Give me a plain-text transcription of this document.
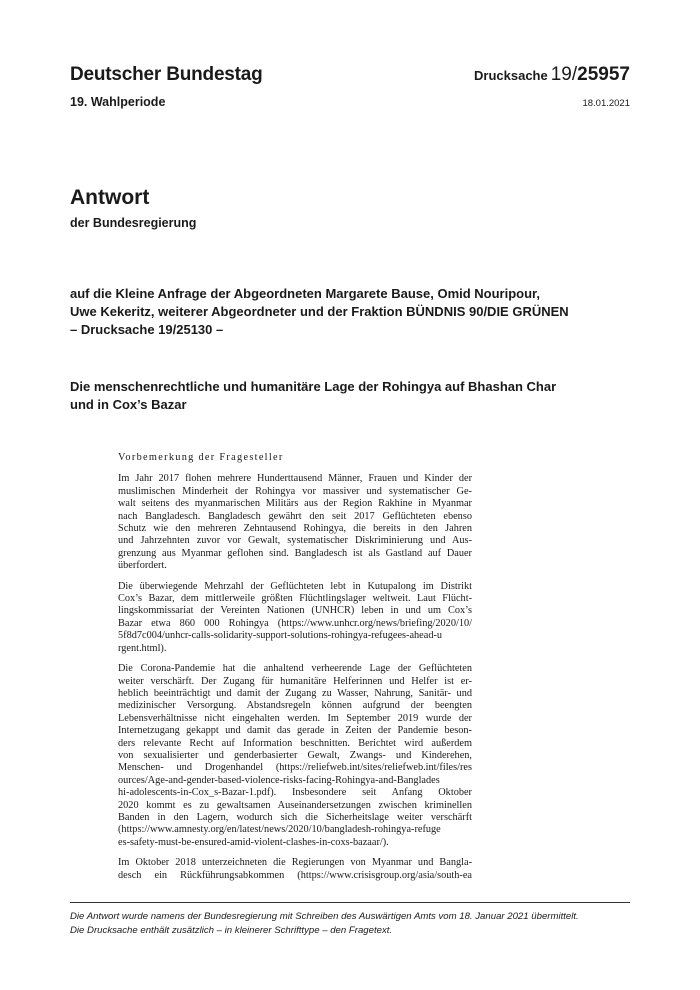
Deutscher Bundestag
19. Wahlperiode
Drucksache 19/25957
18.01.2021
Antwort
der Bundesregierung
auf die Kleine Anfrage der Abgeordneten Margarete Bause, Omid Nouripour,
Uwe Kekeritz, weiterer Abgeordneter und der Fraktion BÜNDNIS 90/DIE GRÜNEN
– Drucksache 19/25130 –
Die menschenrechtliche und humanitäre Lage der Rohingya auf Bhashan Char
und in Cox’s Bazar
Vorbemerkung der Fragesteller
Im Jahr 2017 flohen mehrere Hunderttausend Männer, Frauen und Kinder der
muslimischen Minderheit der Rohingya vor massiver und systematischer Ge-
walt seitens des myanmarischen Militärs aus der Region Rakhine in Myanmar
nach Bangladesch. Bangladesch gewährt den seit 2017 Geflüchteten ebenso
Schutz wie den mehreren Zehntausend Rohingya, die bereits in den Jahren
und Jahrzehnten zuvor vor Gewalt, systematischer Diskriminierung und Aus-
grenzung aus Myanmar geflohen sind. Bangladesch ist als Gastland auf Dauer
überfordert.
Die überwiegende Mehrzahl der Geflüchteten lebt in Kutupalong im Distrikt
Cox’s Bazar, dem mittlerweile größten Flüchtlingslager weltweit. Laut Flücht-
lingskommissariat der Vereinten Nationen (UNHCR) leben in und um Cox’s
Bazar etwa 860 000 Rohingya (https://www.unhcr.org/news/briefing/2020/10/
5f8d7c004/unhcr-calls-solidarity-support-solutions-rohingya-refugees-ahead-u
rgent.html).
Die Corona-Pandemie hat die anhaltend verheerende Lage der Geflüchteten
weiter verschärft. Der Zugang für humanitäre Helferinnen und Helfer ist er-
heblich beeinträchtigt und damit der Zugang zu Wasser, Nahrung, Sanitär- und
medizinischer Versorgung. Abstandsregeln können aufgrund der beengten
Lebensverhältnisse nicht eingehalten werden. Im September 2019 wurde der
Internetzugang gekappt und damit das gerade in Zeiten der Pandemie beson-
ders relevante Recht auf Information beschnitten. Berichtet wird außerdem
von sexualisierter und genderbasierter Gewalt, Zwangs- und Kinderehen,
Menschen- und Drogenhandel (https://reliefweb.int/sites/reliefweb.int/files/res
ources/Age-and-gender-based-violence-risks-facing-Rohingya-and-Banglades
hi-adolescents-in-Cox_s-Bazar-1.pdf). Insbesondere seit Anfang Oktober
2020 kommt es zu gewaltsamen Auseinandersetzungen zwischen kriminellen
Banden in den Lagern, wodurch sich die Sicherheitslage weiter verschärft
(https://www.amnesty.org/en/latest/news/2020/10/bangladesh-rohingya-refuge
es-safety-must-be-ensured-amid-violent-clashes-in-coxs-bazaar/).
Im Oktober 2018 unterzeichneten die Regierungen von Myanmar und Bangla-
desch ein Rückführungsabkommen (https://www.crisisgroup.org/asia/south-ea
Die Antwort wurde namens der Bundesregierung mit Schreiben des Auswärtigen Amts vom 18. Januar 2021 übermittelt.
Die Drucksache enthält zusätzlich – in kleinerer Schrifttype – den Fragetext.
